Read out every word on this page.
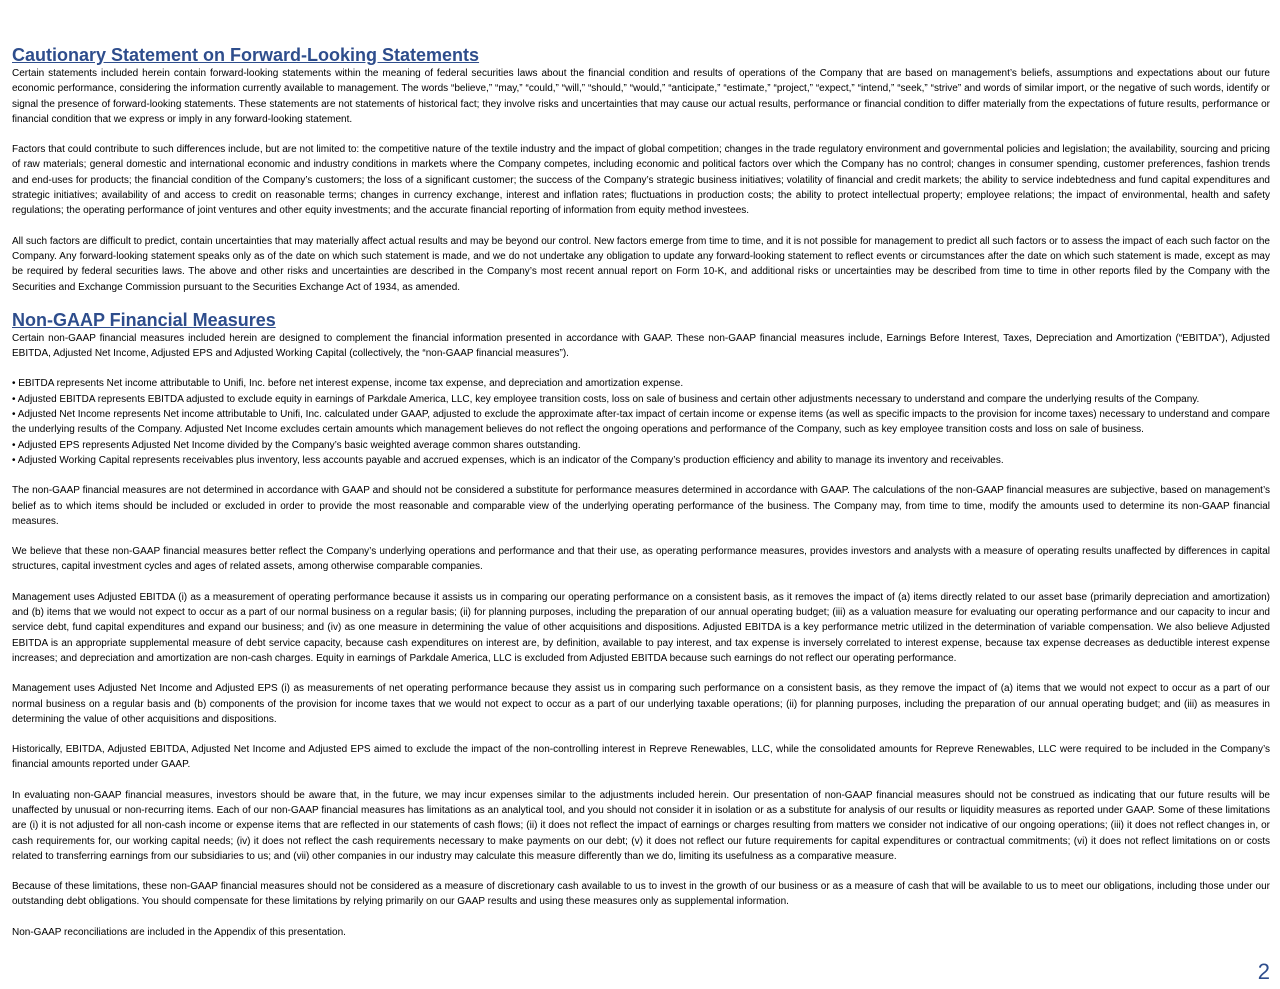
Cautionary Statement on Forward-Looking Statements

Certain statements included herein contain forward-looking statements within the meaning of federal securities laws about the financial condition and results of operations of the Company that are based on management’s beliefs, assumptions and expectations about our future economic performance, considering the information currently available to management. The words “believe,” “may,” “could,” “will,” “should,” “would,” “anticipate,” “estimate,” “project,” “expect,” “intend,” “seek,” “strive” and words of similar import, or the negative of such words, identify or signal the presence of forward-looking statements. These statements are not statements of historical fact; they involve risks and uncertainties that may cause our actual results, performance or financial condition to differ materially from the expectations of future results, performance or financial condition that we express or imply in any forward-looking statement.

Factors that could contribute to such differences include, but are not limited to: the competitive nature of the textile industry and the impact of global competition; changes in the trade regulatory environment and governmental policies and legislation; the availability, sourcing and pricing of raw materials; general domestic and international economic and industry conditions in markets where the Company competes, including economic and political factors over which the Company has no control; changes in consumer spending, customer preferences, fashion trends and end-uses for products; the financial condition of the Company’s customers; the loss of a significant customer; the success of the Company’s strategic business initiatives; volatility of financial and credit markets; the ability to service indebtedness and fund capital expenditures and strategic initiatives; availability of and access to credit on reasonable terms; changes in currency exchange, interest and inflation rates; fluctuations in production costs; the ability to protect intellectual property; employee relations; the impact of environmental, health and safety regulations; the operating performance of joint ventures and other equity investments; and the accurate financial reporting of information from equity method investees.

All such factors are difficult to predict, contain uncertainties that may materially affect actual results and may be beyond our control. New factors emerge from time to time, and it is not possible for management to predict all such factors or to assess the impact of each such factor on the Company. Any forward-looking statement speaks only as of the date on which such statement is made, and we do not undertake any obligation to update any forward-looking statement to reflect events or circumstances after the date on which such statement is made, except as may be required by federal securities laws. The above and other risks and uncertainties are described in the Company’s most recent annual report on Form 10-K, and additional risks or uncertainties may be described from time to time in other reports filed by the Company with the Securities and Exchange Commission pursuant to the Securities Exchange Act of 1934, as amended.

Non-GAAP Financial Measures

Certain non-GAAP financial measures included herein are designed to complement the financial information presented in accordance with GAAP. These non-GAAP financial measures include, Earnings Before Interest, Taxes, Depreciation and Amortization (“EBITDA”), Adjusted EBITDA, Adjusted Net Income, Adjusted EPS and Adjusted Working Capital (collectively, the “non-GAAP financial measures”).

• EBITDA represents Net income attributable to Unifi, Inc. before net interest expense, income tax expense, and depreciation and amortization expense.

• Adjusted EBITDA represents EBITDA adjusted to exclude equity in earnings of Parkdale America, LLC, key employee transition costs, loss on sale of business and certain other adjustments necessary to understand and compare the underlying results of the Company.

• Adjusted Net Income represents Net income attributable to Unifi, Inc. calculated under GAAP, adjusted to exclude the approximate after-tax impact of certain income or expense items (as well as specific impacts to the provision for income taxes) necessary to understand and compare the underlying results of the Company. Adjusted Net Income excludes certain amounts which management believes do not reflect the ongoing operations and performance of the Company, such as key employee transition costs and loss on sale of business.

• Adjusted EPS represents Adjusted Net Income divided by the Company’s basic weighted average common shares outstanding.

• Adjusted Working Capital represents receivables plus inventory, less accounts payable and accrued expenses, which is an indicator of the Company’s production efficiency and ability to manage its inventory and receivables.

The non-GAAP financial measures are not determined in accordance with GAAP and should not be considered a substitute for performance measures determined in accordance with GAAP. The calculations of the non-GAAP financial measures are subjective, based on management’s belief as to which items should be included or excluded in order to provide the most reasonable and comparable view of the underlying operating performance of the business. The Company may, from time to time, modify the amounts used to determine its non-GAAP financial measures.

We believe that these non-GAAP financial measures better reflect the Company’s underlying operations and performance and that their use, as operating performance measures, provides investors and analysts with a measure of operating results unaffected by differences in capital structures, capital investment cycles and ages of related assets, among otherwise comparable companies.

Management uses Adjusted EBITDA (i) as a measurement of operating performance because it assists us in comparing our operating performance on a consistent basis, as it removes the impact of (a) items directly related to our asset base (primarily depreciation and amortization) and (b) items that we would not expect to occur as a part of our normal business on a regular basis; (ii) for planning purposes, including the preparation of our annual operating budget; (iii) as a valuation measure for evaluating our operating performance and our capacity to incur and service debt, fund capital expenditures and expand our business; and (iv) as one measure in determining the value of other acquisitions and dispositions. Adjusted EBITDA is a key performance metric utilized in the determination of variable compensation. We also believe Adjusted EBITDA is an appropriate supplemental measure of debt service capacity, because cash expenditures on interest are, by definition, available to pay interest, and tax expense is inversely correlated to interest expense, because tax expense decreases as deductible interest expense increases; and depreciation and amortization are non-cash charges. Equity in earnings of Parkdale America, LLC is excluded from Adjusted EBITDA because such earnings do not reflect our operating performance.

Management uses Adjusted Net Income and Adjusted EPS (i) as measurements of net operating performance because they assist us in comparing such performance on a consistent basis, as they remove the impact of (a) items that we would not expect to occur as a part of our normal business on a regular basis and (b) components of the provision for income taxes that we would not expect to occur as a part of our underlying taxable operations; (ii) for planning purposes, including the preparation of our annual operating budget; and (iii) as measures in determining the value of other acquisitions and dispositions.

Historically, EBITDA, Adjusted EBITDA, Adjusted Net Income and Adjusted EPS aimed to exclude the impact of the non-controlling interest in Repreve Renewables, LLC, while the consolidated amounts for Repreve Renewables, LLC were required to be included in the Company’s financial amounts reported under GAAP.

In evaluating non-GAAP financial measures, investors should be aware that, in the future, we may incur expenses similar to the adjustments included herein. Our presentation of non-GAAP financial measures should not be construed as indicating that our future results will be unaffected by unusual or non-recurring items. Each of our non-GAAP financial measures has limitations as an analytical tool, and you should not consider it in isolation or as a substitute for analysis of our results or liquidity measures as reported under GAAP. Some of these limitations are (i) it is not adjusted for all non-cash income or expense items that are reflected in our statements of cash flows; (ii) it does not reflect the impact of earnings or charges resulting from matters we consider not indicative of our ongoing operations; (iii) it does not reflect changes in, or cash requirements for, our working capital needs; (iv) it does not reflect the cash requirements necessary to make payments on our debt; (v) it does not reflect our future requirements for capital expenditures or contractual commitments; (vi) it does not reflect limitations on or costs related to transferring earnings from our subsidiaries to us; and (vii) other companies in our industry may calculate this measure differently than we do, limiting its usefulness as a comparative measure.

Because of these limitations, these non-GAAP financial measures should not be considered as a measure of discretionary cash available to us to invest in the growth of our business or as a measure of cash that will be available to us to meet our obligations, including those under our outstanding debt obligations. You should compensate for these limitations by relying primarily on our GAAP results and using these measures only as supplemental information.

Non-GAAP reconciliations are included in the Appendix of this presentation.

2
